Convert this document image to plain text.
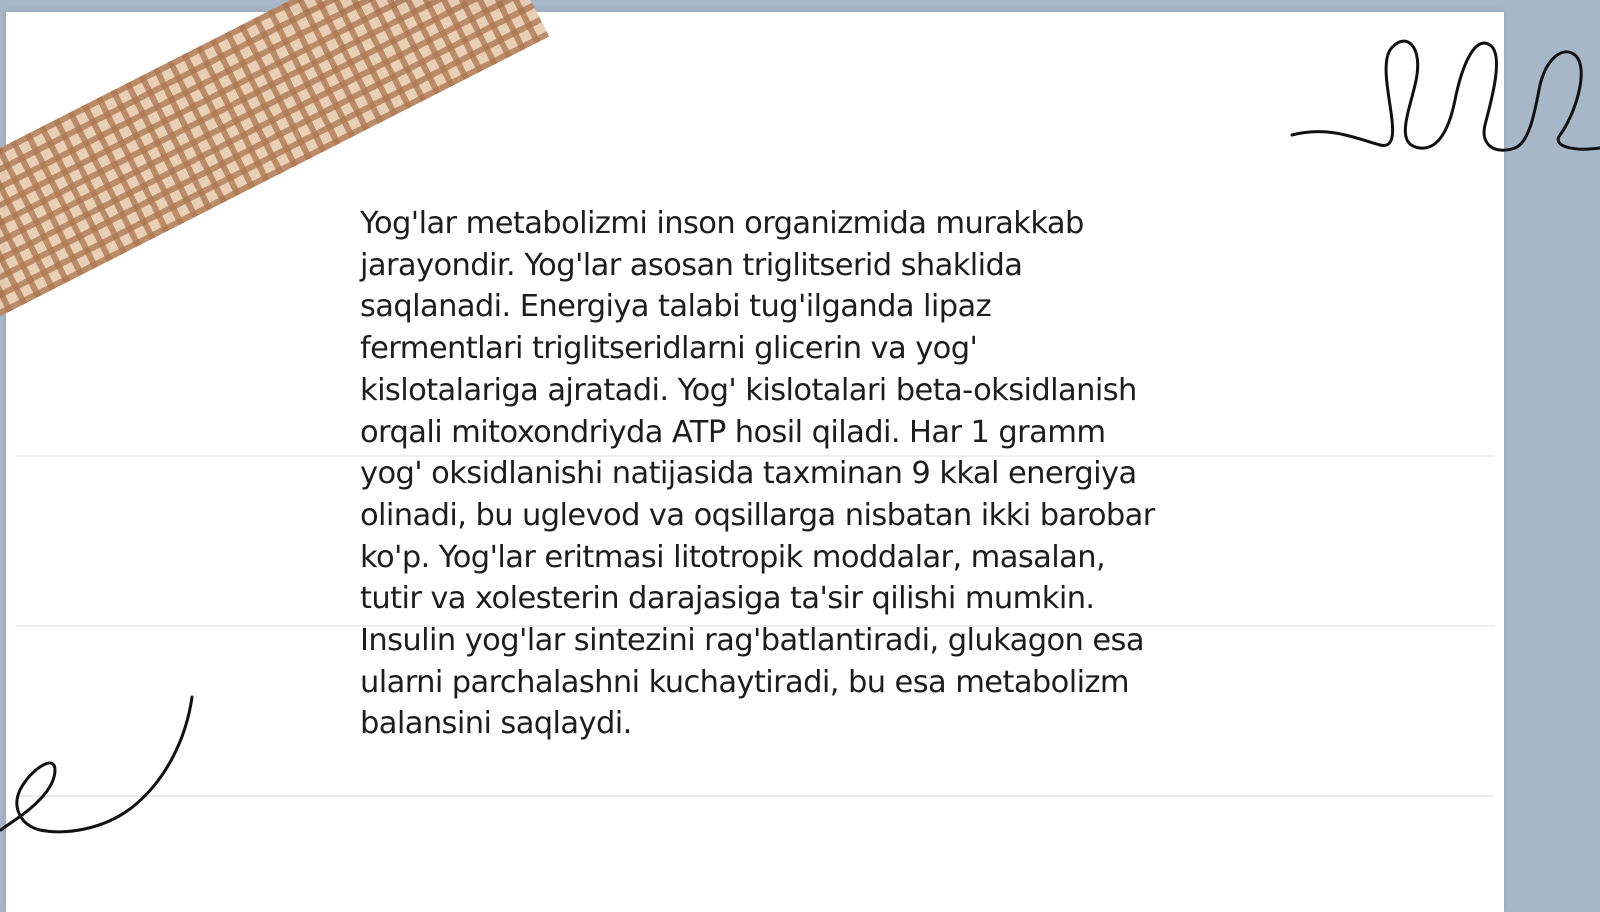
Yog'lar metabolizmi inson organizmida murakkab
jarayondir. Yog'lar asosan triglitserid shaklida
saqlanadi. Energiya talabi tug'ilganda lipaz
fermentlari triglitseridlarni glicerin va yog'
kislotalariga ajratadi. Yog' kislotalari beta-oksidlanish
orqali mitoxondriyda ATP hosil qiladi. Har 1 gramm
yog' oksidlanishi natijasida taxminan 9 kkal energiya
olinadi, bu uglevod va oqsillarga nisbatan ikki barobar
ko'p. Yog'lar eritmasi litotropik moddalar, masalan,
tutir va xolesterin darajasiga ta'sir qilishi mumkin.
Insulin yog'lar sintezini rag'batlantiradi, glukagon esa
ularni parchalashni kuchaytiradi, bu esa metabolizm
balansini saqlaydi.
